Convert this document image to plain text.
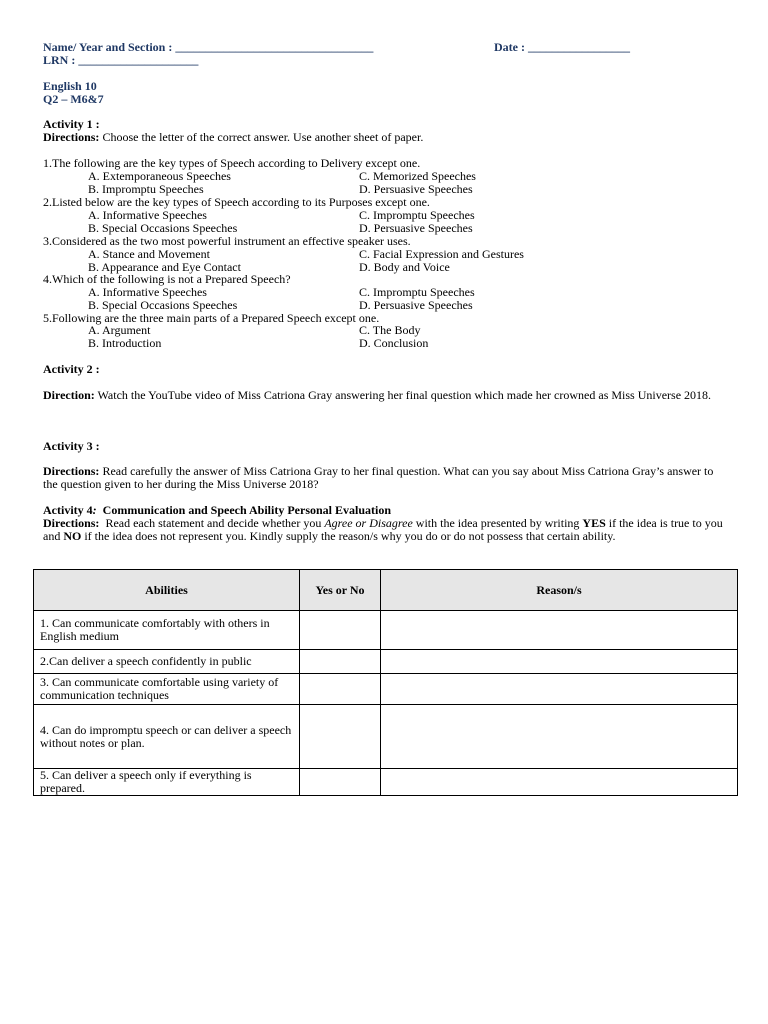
Name/ Year and Section : _________________________________	Date : _________________
LRN : ____________________
English 10
Q2 – M6&7
Activity 1 :
Directions: Choose the letter of the correct answer. Use another sheet of paper.
1.The following are the key types of Speech according to Delivery except one.
A. Extemporaneous Speeches	C. Memorized Speeches
B. Impromptu Speeches	D. Persuasive Speeches
2.Listed below are the key types of Speech according to its Purposes except one.
A. Informative Speeches	C. Impromptu Speeches
B. Special Occasions Speeches	D. Persuasive Speeches
3.Considered as the two most powerful instrument an effective speaker uses.
A. Stance and Movement	C. Facial Expression and Gestures
B. Appearance and Eye Contact	D. Body and Voice
4.Which of the following is not a Prepared Speech?
A. Informative Speeches	C. Impromptu Speeches
B. Special Occasions Speeches	D. Persuasive Speeches
5.Following are the three main parts of a Prepared Speech except one.
A. Argument	C. The Body
B. Introduction	D. Conclusion
Activity 2 :
Direction: Watch the YouTube video of Miss Catriona Gray answering her final question which made her crowned as Miss Universe 2018.
Activity 3 :
Directions: Read carefully the answer of Miss Catriona Gray to her final question. What can you say about Miss Catriona Gray’s answer to the question given to her during the Miss Universe 2018?
Activity 4:  Communication and Speech Ability Personal Evaluation
Directions:  Read each statement and decide whether you Agree or Disagree with the idea presented by writing YES if the idea is true to you and NO if the idea does not represent you. Kindly supply the reason/s why you do or do not possess that certain ability.
Abilities	Yes or No	Reason/s
1. Can communicate comfortably with others in English medium		
2.Can deliver a speech confidently in public		
3. Can communicate comfortable using variety of communication techniques		
4. Can do impromptu speech or can deliver a speech without notes or plan.		
5. Can deliver a speech only if everything is prepared.		
